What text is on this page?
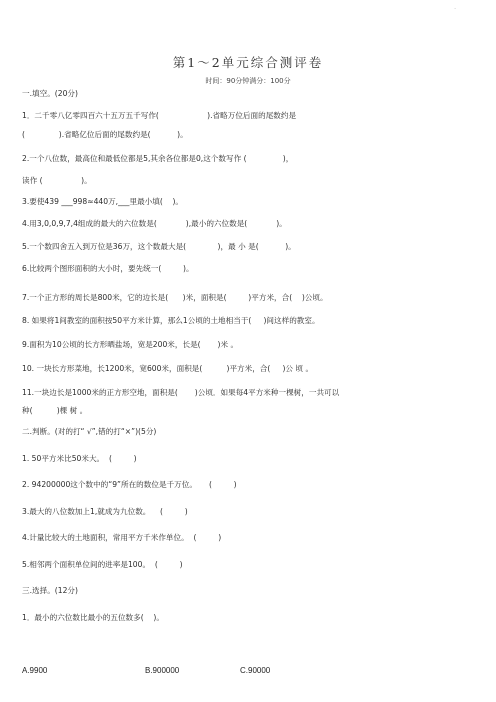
·
第1～2单元综合测评卷
时间：90分钟满分：100分
一.填空。(20分)
1．二千零八亿零四百六十五万五千写作(                    ).省略万位后面的尾数约是
(              ).省略亿位后面的尾数约是(           )。
2.一个八位数，最高位和最低位都是5,其余各位都是0,这个数写作 (               )，
读作 (                )。
3.要使439 ___998≈440万,___里最小填(    )。
4.用3,0,0,9,7,4组成的最大的六位数是(            ),最小的六位数是(            )。
5.一个数四舍五入到万位是36万，这个数最大是(             )，最 小 是(           )。
6.比较两个图形面积的大小时，要先统一(         )。
7.一个正方形的周长是800米，它的边长是(      )米，面积是(         )平方米，合(    )公顷。
8. 如果将1间教室的面积按50平方米计算，那么1公顷的土地相当于(     )间这样的教室。
9.面积为10公顷的长方形晒盐场，宽是200米，长是(       )米 。
10. 一块长方形菜地，长1200米，宽600米，面积是(          )平方米，合(     )公 顷 。
11.一块边长是1000米的正方形空地，面积是(       )公顷．如果每4平方米种一棵树，一共可以
种(          )棵 树 。
二.判断。(对的打“ √”,错的打“×”)(5分)
1. 50平方米比50米大。  (         )
2. 94200000这个数中的“9”所在的数位是千万位。     (         )
3.最大的八位数加上1,就成为九位数。    (         )
4.计量比较大的土地面积，常用平方千米作单位。  (         )
5.相邻两个面积单位间的进率是100。  (         )
三.选择。(12分)
1．最小的六位数比最小的五位数多(    )。
A.9900	B.900000	C.90000
